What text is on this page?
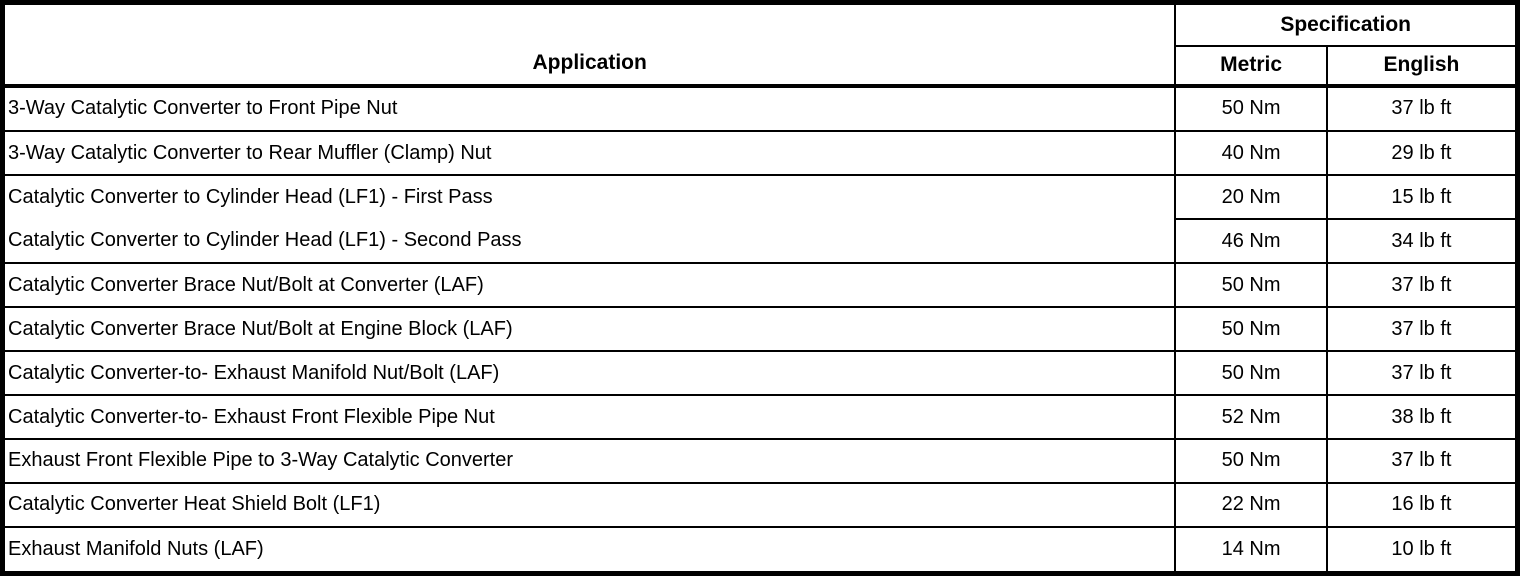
Application	Specification	
	Metric	English
3-Way Catalytic Converter to Front Pipe Nut	50 Nm	37 lb ft
3-Way Catalytic Converter to Rear Muffler (Clamp) Nut	40 Nm	29 lb ft
Catalytic Converter to Cylinder Head (LF1) - First Pass	20 Nm	15 lb ft
Catalytic Converter to Cylinder Head (LF1) - Second Pass	46 Nm	34 lb ft
Catalytic Converter Brace Nut/Bolt at Converter (LAF)	50 Nm	37 lb ft
Catalytic Converter Brace Nut/Bolt at Engine Block (LAF)	50 Nm	37 lb ft
Catalytic Converter-to- Exhaust Manifold Nut/Bolt (LAF)	50 Nm	37 lb ft
Catalytic Converter-to- Exhaust Front Flexible Pipe Nut	52 Nm	38 lb ft
Exhaust Front Flexible Pipe to 3-Way Catalytic Converter	50 Nm	37 lb ft
Catalytic Converter Heat Shield Bolt (LF1)	22 Nm	16 lb ft
Exhaust Manifold Nuts (LAF)	14 Nm	10 lb ft
